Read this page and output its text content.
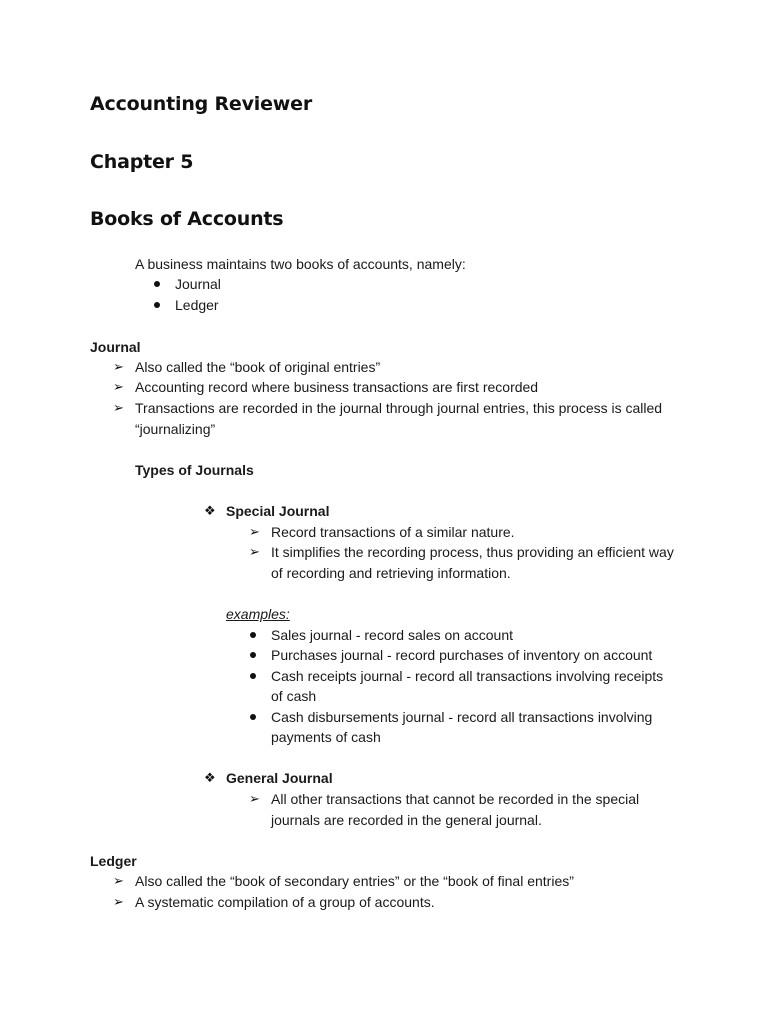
Accounting Reviewer
Chapter 5
Books of Accounts
A business maintains two books of accounts, namely:
Journal
Ledger
Journal
➢ Also called the “book of original entries”
➢ Accounting record where business transactions are first recorded
➢ Transactions are recorded in the journal through journal entries, this process is called
“journalizing”
Types of Journals
❖ Special Journal
➢ Record transactions of a similar nature.
➢ It simplifies the recording process, thus providing an efficient way
of recording and retrieving information.
examples:
Sales journal - record sales on account
Purchases journal - record purchases of inventory on account
Cash receipts journal - record all transactions involving receipts
of cash
Cash disbursements journal - record all transactions involving
payments of cash
❖ General Journal
➢ All other transactions that cannot be recorded in the special
journals are recorded in the general journal.
Ledger
➢ Also called the “book of secondary entries” or the “book of final entries”
➢ A systematic compilation of a group of accounts.
